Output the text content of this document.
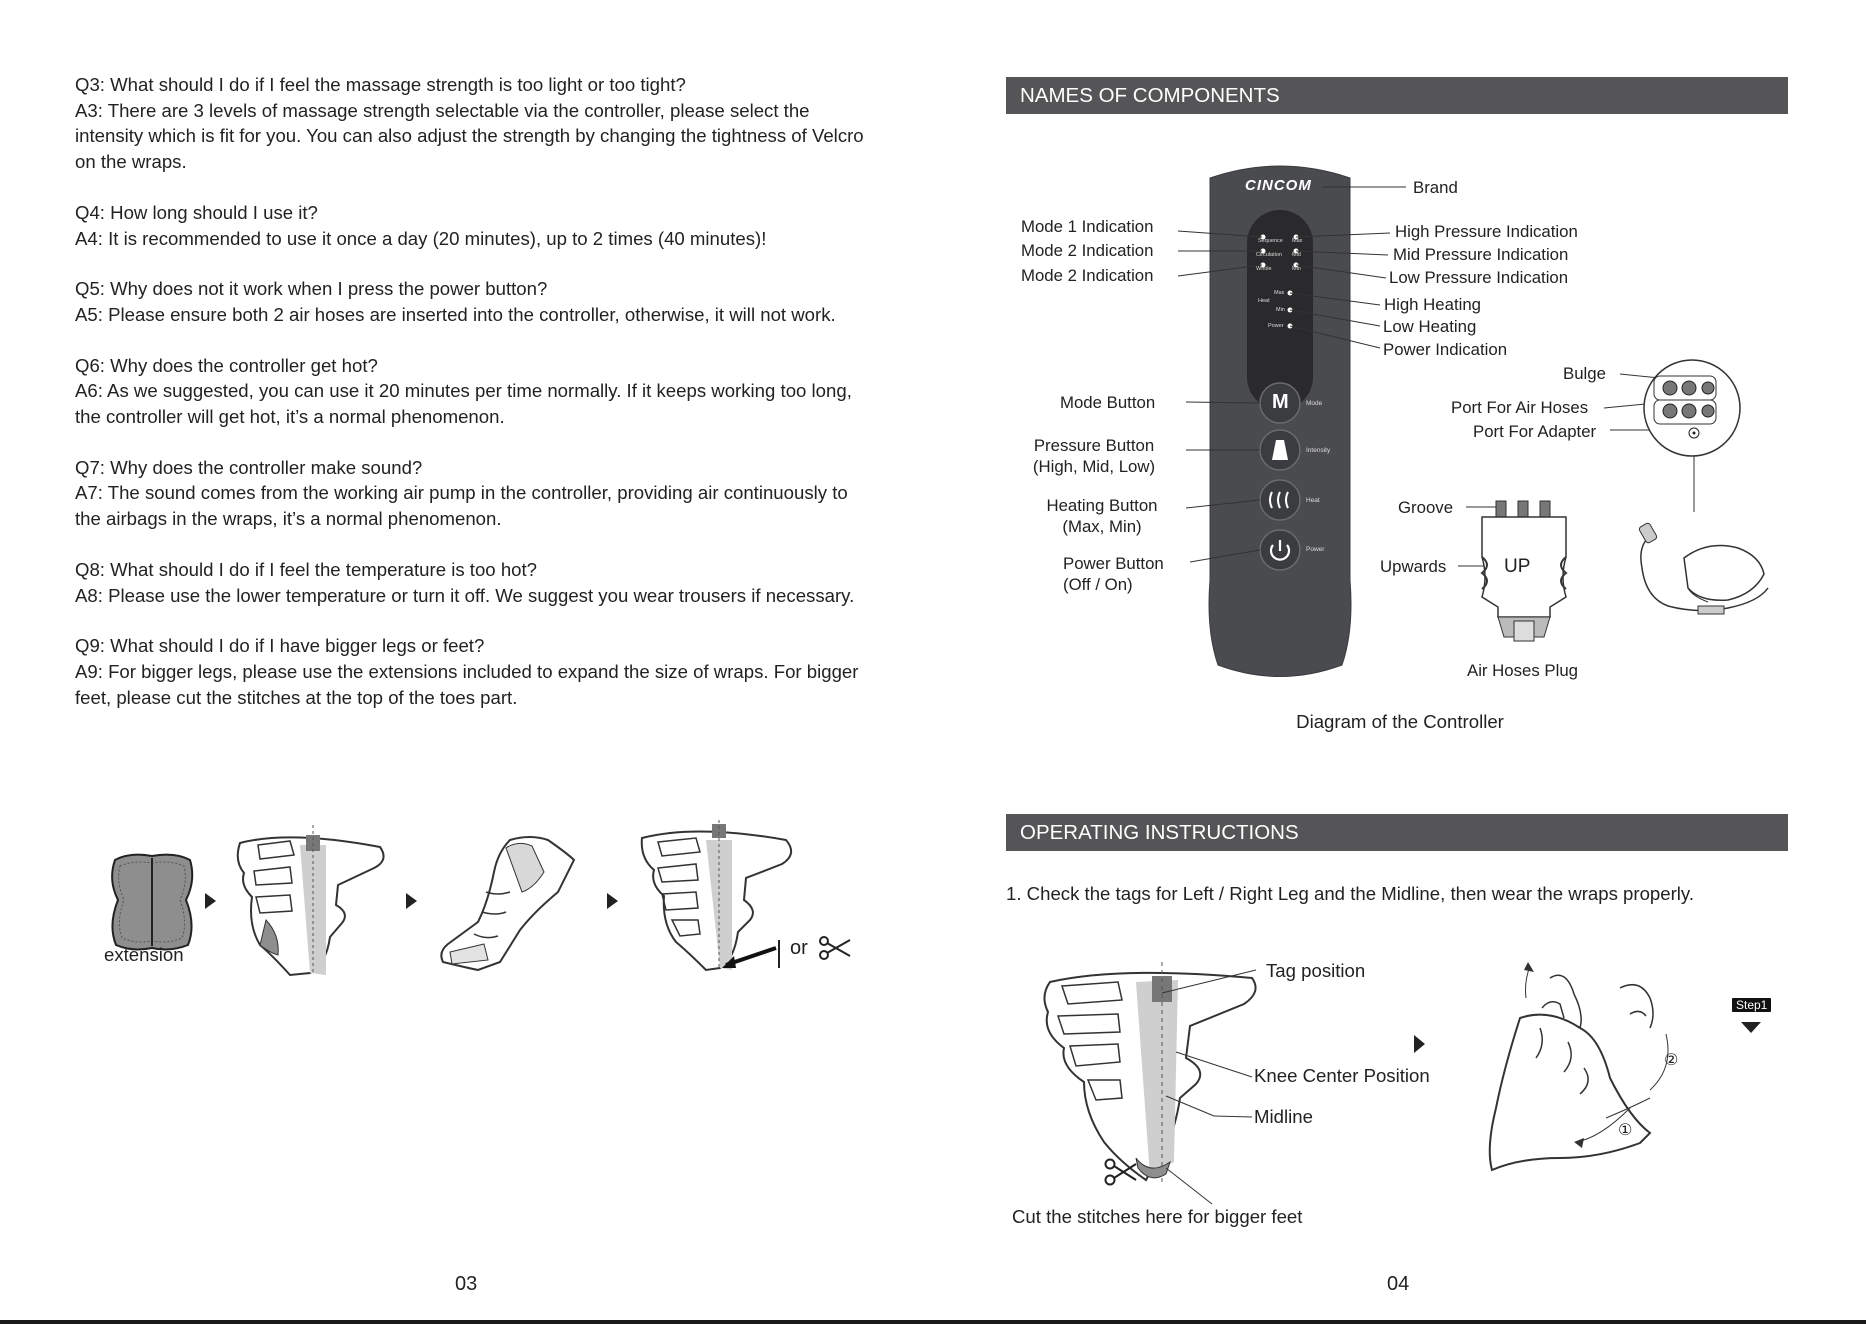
Q3: What should I do if I feel the massage strength is too light or too tight?

A3: There are 3 levels of massage strength selectable via the controller, please select the intensity which is fit for you. You can also adjust the strength by changing the tightness of Velcro on the wraps.

Q4: How long should I use it?

A4: It is recommended to use it once a day (20 minutes), up to 2 times (40 minutes)!

Q5: Why does not it work when I press the power button?

A5: Please ensure both 2 air hoses are inserted into the controller, otherwise, it will not work.

Q6: Why does the controller get hot?

A6: As we suggested, you can use it 20 minutes per time normally. If it keeps working too long, the controller will get hot, it’s a normal phenomenon.

Q7: Why does the controller make sound?

A7: The sound comes from the working air pump in the controller, providing air continuously to the airbags in the wraps, it’s a normal phenomenon.

Q8: What should I do if I feel the temperature is too hot?

A8: Please use the lower temperature or turn it off. We suggest you wear trousers if necessary.

Q9: What should I do if I have bigger legs or feet?

A9: For bigger legs, please use the extensions included to expand the size of wraps. For bigger feet, please cut the stitches at the top of the toes part.

extension	or
03
NAMES OF COMPONENTS
CINCOM
Sequence
Circulation
Whole
Max
Mid
Min
Max
Heat
Min
Power
M	Mode
Intensity
Heat
Power
Brand
Mode 1 Indication
Mode 2 Indication
Mode 2 Indication
High Pressure Indication
Mid Pressure Indication
Low Pressure Indication
High Heating
Low Heating
Power Indication
Bulge
Port For Air Hoses
Port For Adapter
Mode Button
Pressure Button
(High, Mid, Low)
Heating Button
(Max, Min)
Power Button
(Off / On)
UP
Groove
Upwards
Air Hoses Plug
Diagram of the Controller
OPERATING INSTRUCTIONS
1. Check the tags for Left / Right Leg and the Midline, then wear the wraps properly.
Tag position
Knee Center Position
Midline
Cut the stitches here for bigger feet
②
①
Step1
04
